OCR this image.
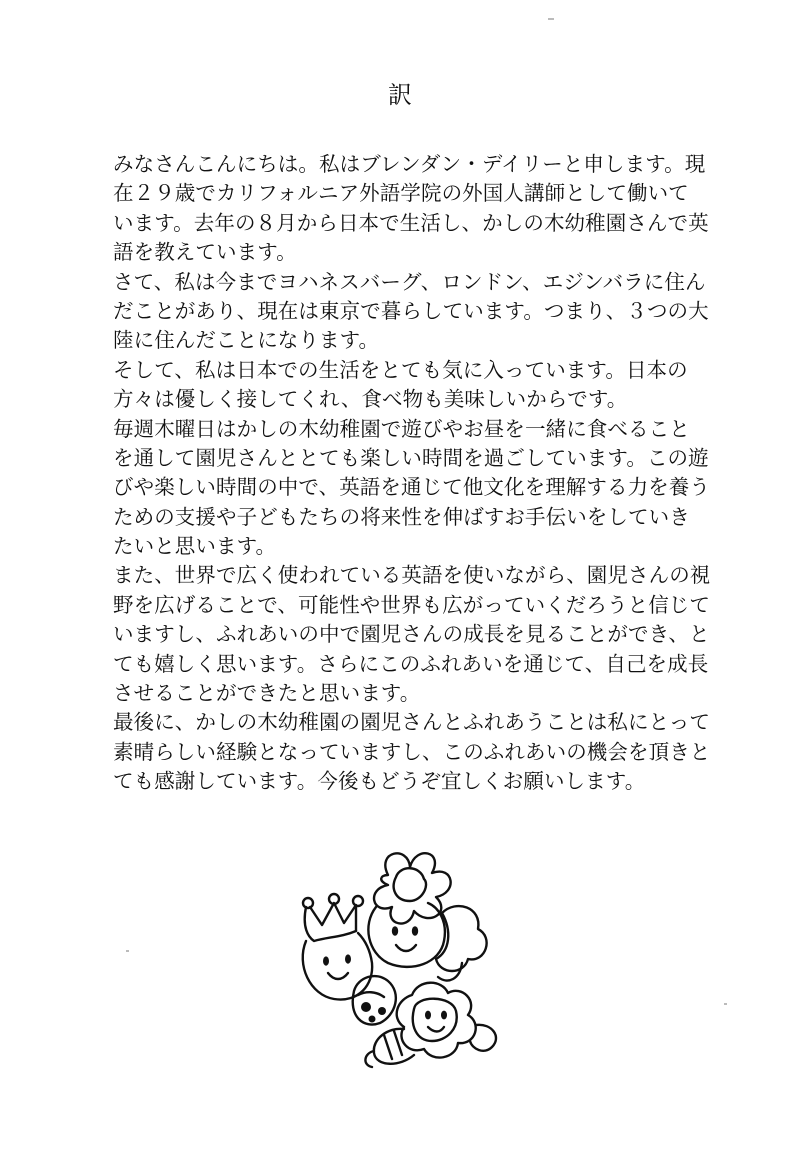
訳
みなさんこんにちは。私はブレンダン・デイリーと申します。現
在２９歳でカリフォルニア外語学院の外国人講師として働いて
います。去年の８月から日本で生活し、かしの木幼稚園さんで英
語を教えています。
さて、私は今までヨハネスバーグ、ロンドン、エジンバラに住ん
だことがあり、現在は東京で暮らしています。つまり、３つの大
陸に住んだことになります。
そして、私は日本での生活をとても気に入っています。日本の
方々は優しく接してくれ、食べ物も美味しいからです。
毎週木曜日はかしの木幼稚園で遊びやお昼を一緒に食べること
を通して園児さんととても楽しい時間を過ごしています。この遊
びや楽しい時間の中で、英語を通じて他文化を理解する力を養う
ための支援や子どもたちの将来性を伸ばすお手伝いをしていき
たいと思います。
また、世界で広く使われている英語を使いながら、園児さんの視
野を広げることで、可能性や世界も広がっていくだろうと信じて
いますし、ふれあいの中で園児さんの成長を見ることができ、と
ても嬉しく思います。さらにこのふれあいを通じて、自己を成長
させることができたと思います。
最後に、かしの木幼稚園の園児さんとふれあうことは私にとって
素晴らしい経験となっていますし、このふれあいの機会を頂きと
ても感謝しています。今後もどうぞ宜しくお願いします。
